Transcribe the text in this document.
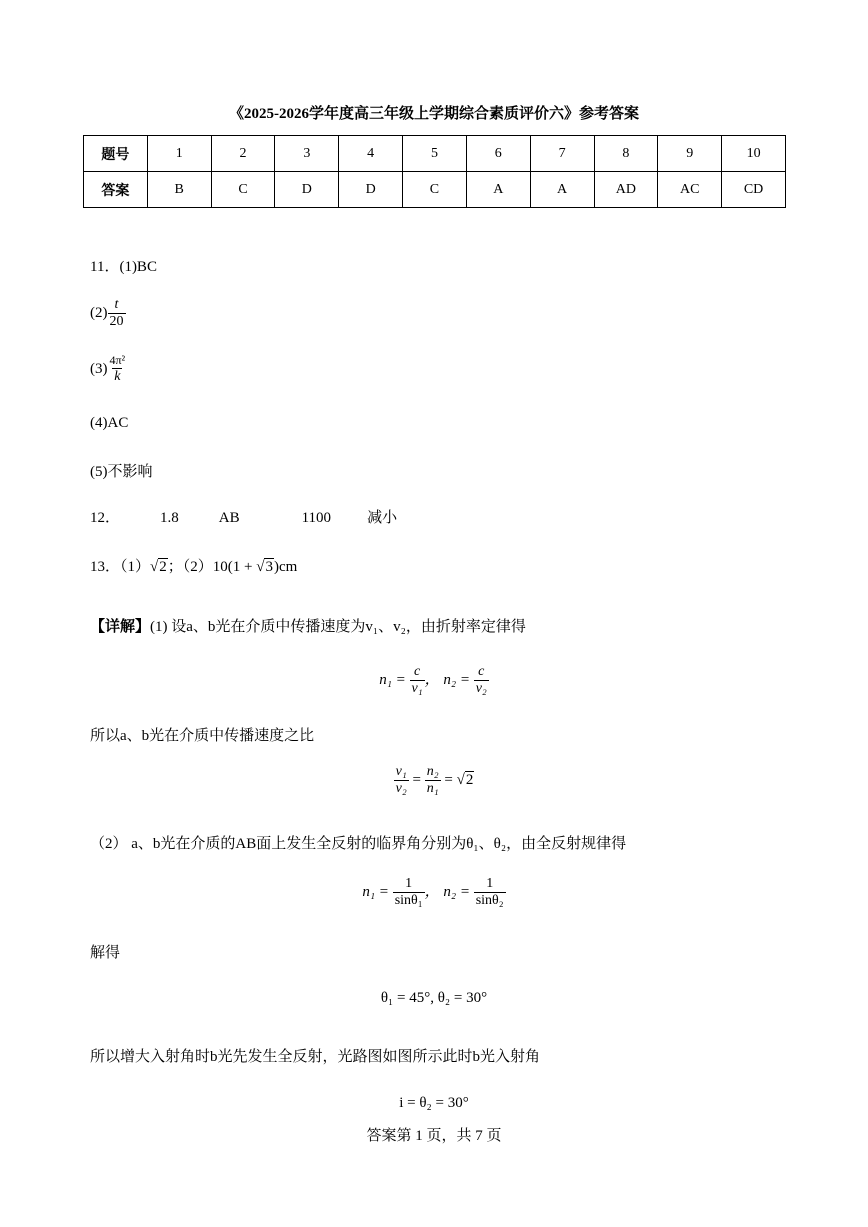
《2025-2026学年度高三年级上学期综合素质评价六》参考答案
题号	1	2	3	4	5	6	7	8	9	10
答案	B	C	D	D	C	A	A	AD	AC	CD
11．(1)BC
$(2) \frac{t}{20}$
$(3) \frac{\text{4π²}}{k}$
(4)AC
(5)不影响
12．	1.8	AB	1100 减小
13．（1）√2；（2）10(1 + √3)cm
【详解】(1) 设a、b光在介质中传播速度为v₁、v₂，由折射率定律得
$n_1 = \frac{c}{\text{v₁}}$ ， $n_2 = \frac{c}{\text{v₂}}$
所以a、b光在介质中传播速度之比
$\frac{\text{v₁}}{\text{v₂}} = \frac{\text{n₂}}{\text{n₁}} = √2$
（2） a、b光在介质的AB面上发生全反射的临界角分别为θ₁、θ₂，由全反射规律得
$n_1 = \frac{1}{\text{sinθ₁}}$ ， $n_2 = \frac{1}{\text{sinθ₂}}$
解得
θ₁ = 45°, θ₂ = 30°
所以增大入射角时b光先发生全反射，光路图如图所示此时b光入射角
i = θ₂ = 30°
答案第 1 页，共 7 页
